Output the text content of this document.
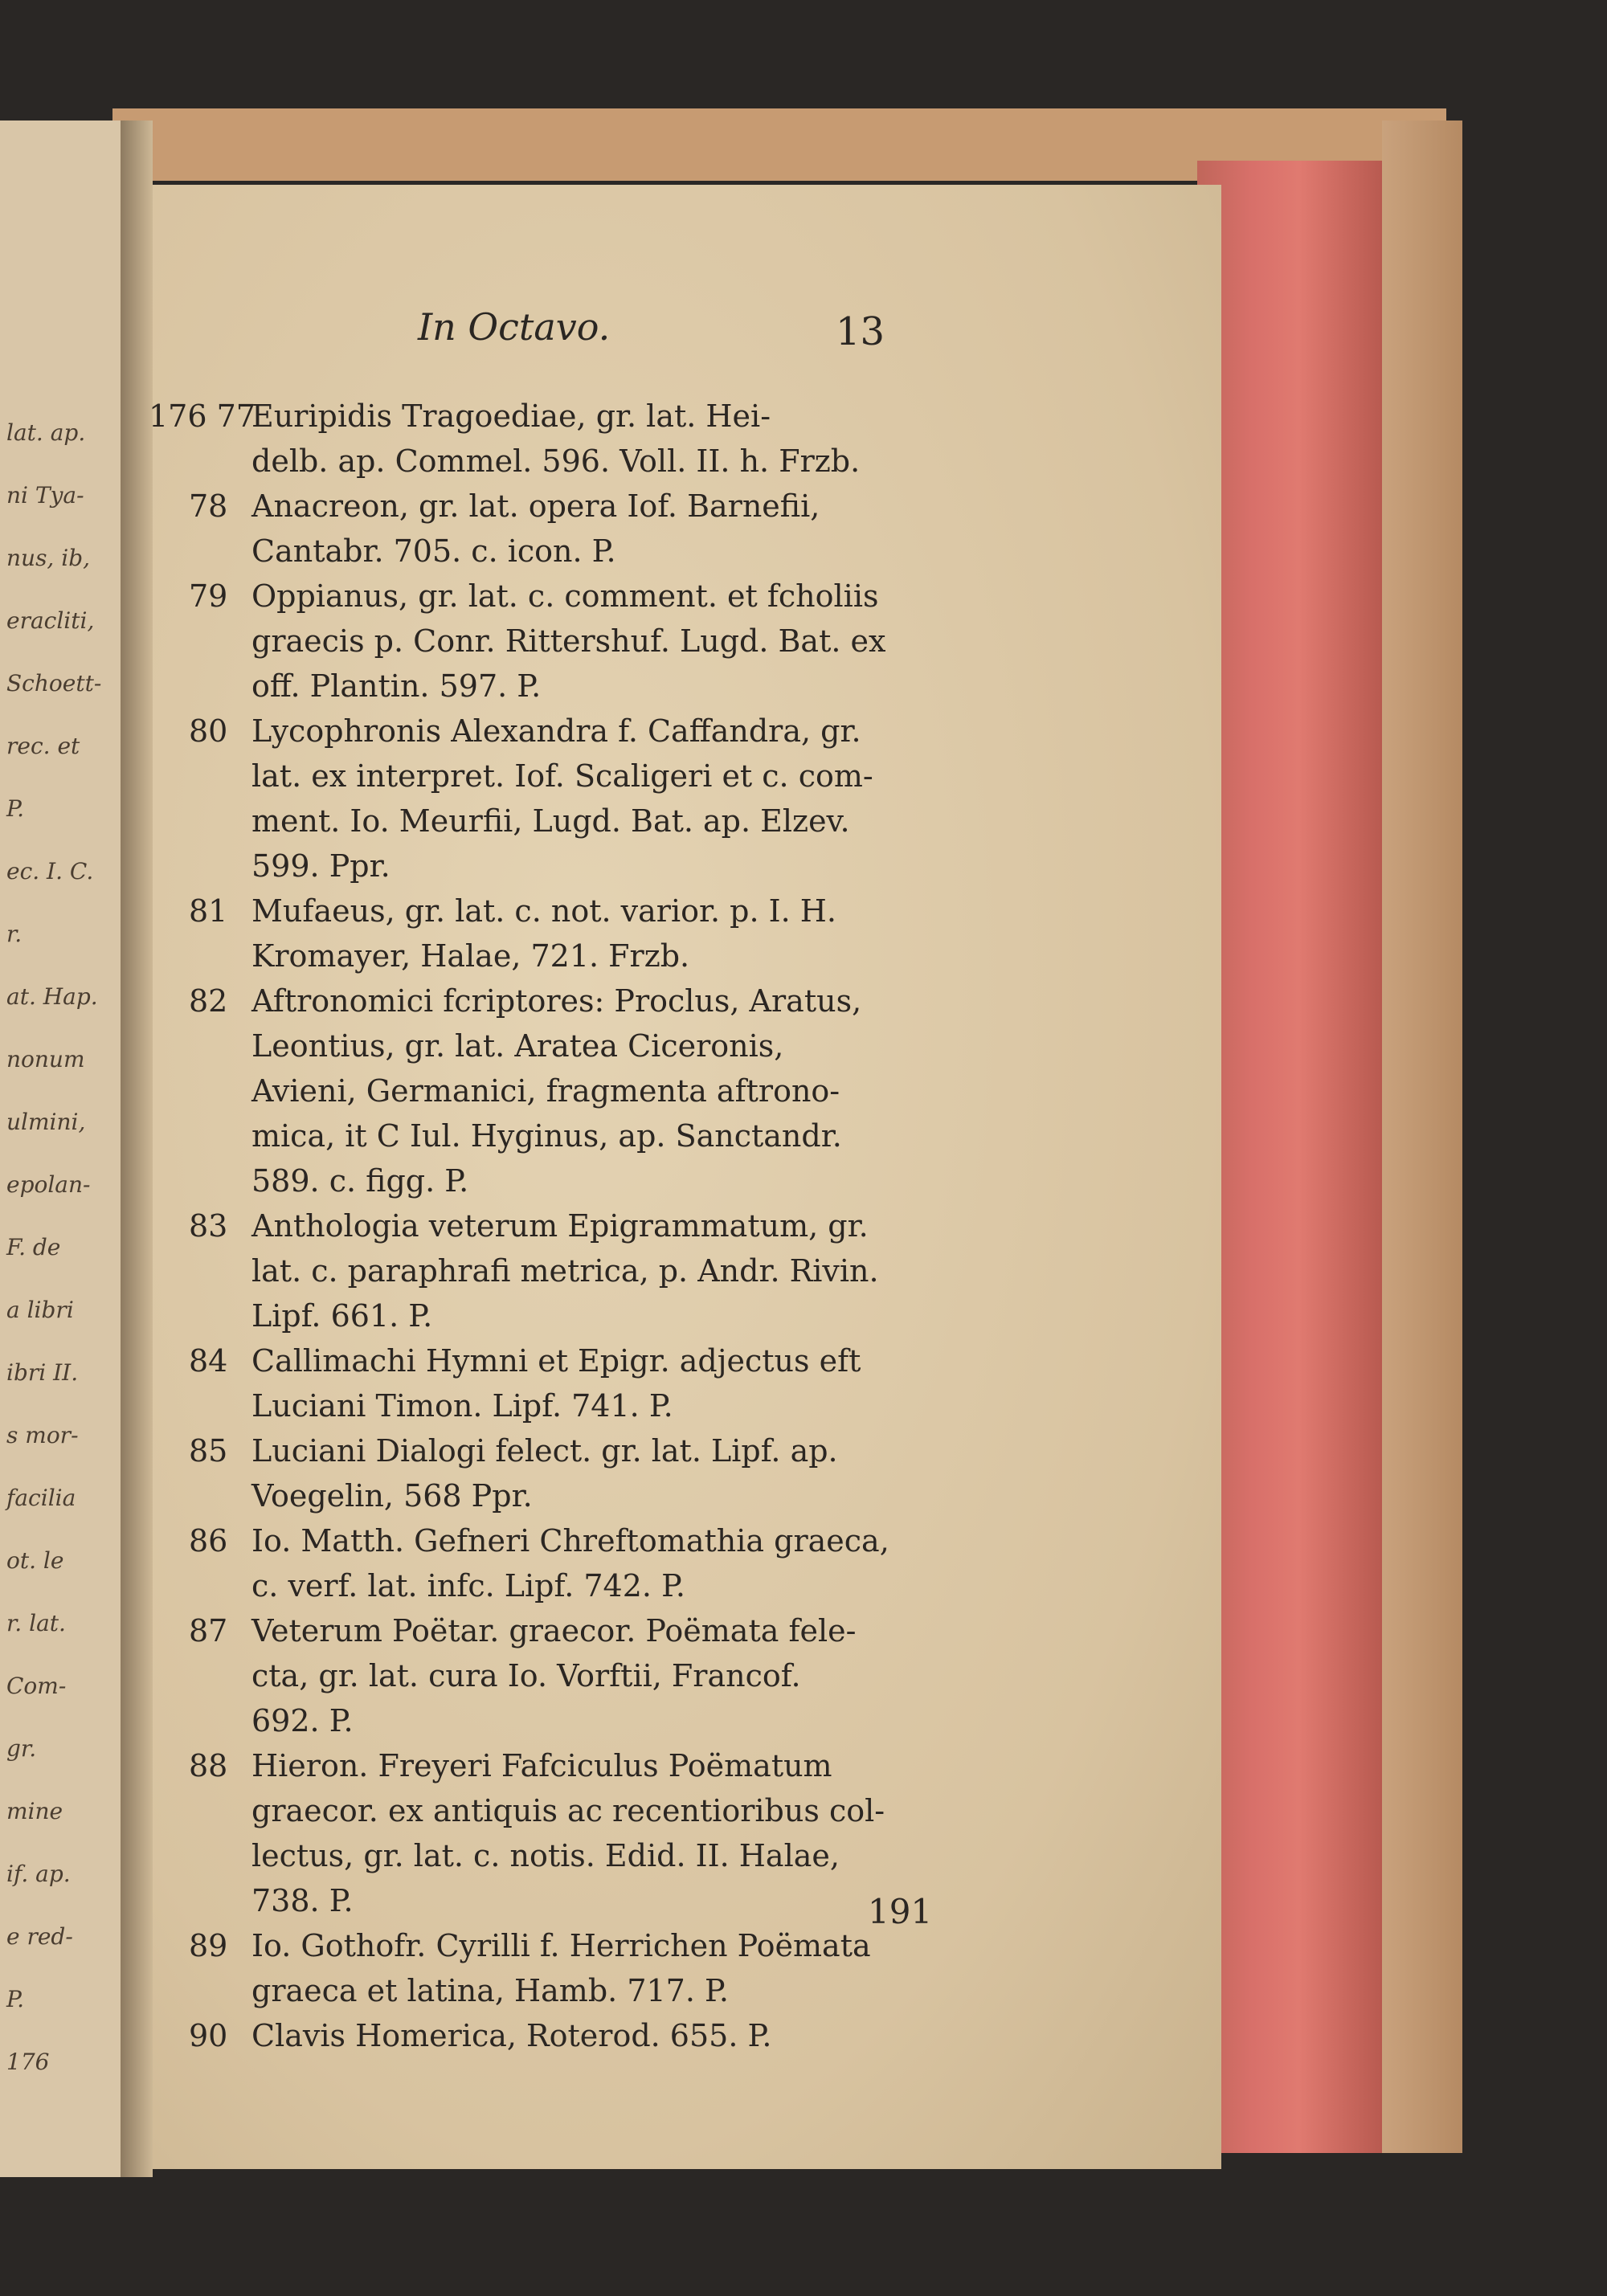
lat. ap.
ni Tya-
nus, ib,
eracliti,
Schoett-
rec. et
P.
ec. I. C.
r.
at. Hap.
nonum
ulmini,
epolan-
F. de
a libri
ibri II.
s mor-
facilia
ot. le
r. lat.
Com-
gr.
mine
if. ap.
e red-
P.
176
In Octavo.	13
176 77
Euripidis Tragoediae, gr. lat. Hei-
delb. ap. Commel. 596. Voll. II. h. Frzb.
78 Anacreon, gr. lat. opera Iof. Barnefii,
Cantabr. 705. c. icon. P.
79 Oppianus, gr. lat. c. comment. et fcholiis
graecis p. Conr. Rittershuf. Lugd. Bat. ex
off. Plantin. 597. P.
80 Lycophronis Alexandra f. Caffandra, gr.
lat. ex interpret. Iof. Scaligeri et c. com-
ment. Io. Meurfii, Lugd. Bat. ap. Elzev.
599. Ppr.
81 Mufaeus, gr. lat. c. not. varior. p. I. H.
Kromayer, Halae, 721. Frzb.
82 Aftronomici fcriptores: Proclus, Aratus,
Leontius, gr. lat. Aratea Ciceronis,
Avieni, Germanici, fragmenta aftrono-
mica, it C Iul. Hyginus, ap. Sanctandr.
589. c. figg. P.
83 Anthologia veterum Epigrammatum, gr.
lat. c. paraphrafi metrica, p. Andr. Rivin.
Lipf. 661. P.
84 Callimachi Hymni et Epigr. adjectus eft
Luciani Timon. Lipf. 741. P.
85 Luciani Dialogi felect. gr. lat. Lipf. ap.
Voegelin, 568 Ppr.
86 Io. Matth. Gefneri Chreftomathia graeca,
c. verf. lat. infc. Lipf. 742. P.
87 Veterum Poëtar. graecor. Poëmata fele-
cta, gr. lat. cura Io. Vorftii, Francof.
692. P.
88 Hieron. Freyeri Fafciculus Poëmatum
graecor. ex antiquis ac recentioribus col-
lectus, gr. lat. c. notis. Edid. II. Halae,
738. P.
89 Io. Gothofr. Cyrilli f. Herrichen Poëmata
graeca et latina, Hamb. 717. P.
90 Clavis Homerica, Roterod. 655. P.
191
